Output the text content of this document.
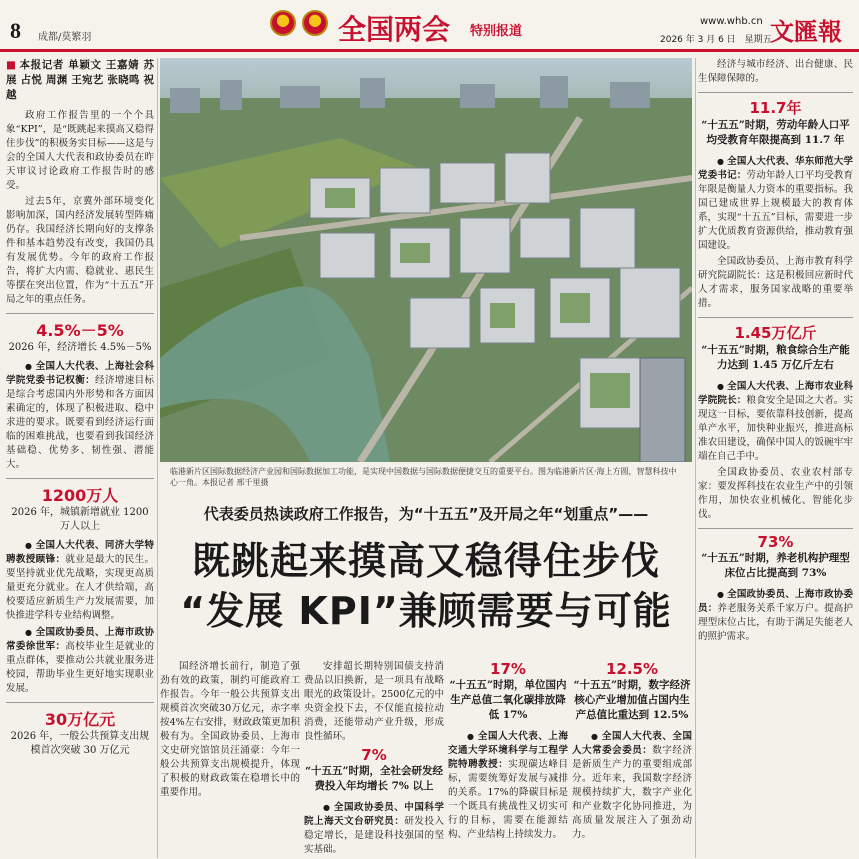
8 成都/莫繁羽	全国两会 特别报道
www.whb.cn
2026 年 3 月 6 日　星期五
文匯報
■ 本报记者 单颖文 王嘉婧 苏展 占悦 周渊 王宛艺 张晓鸣 祝越

政府工作报告里的一个个具象“KPI”，是“既跳起来摸高又稳得住步伐”的积极务实目标——这是与会的全国人大代表和政协委员在昨天审议讨论政府工作报告时的感受。

过去5年，京冀外部环境变化影响加深，国内经济发展转型阵痛仍存。我国经济长期向好的支撑条件和基本趋势没有改变，我国仍具有发展优势。今年的政府工作报告，将扩大内需、稳就业、惠民生等摆在突出位置，作为“十五五”开局之年的重点任务。

4.5%－5%
2026 年，经济增长 4.5%－5%

● 全国人大代表、上海社会科学院党委书记权衡：经济增速目标是综合考虑国内外形势和各方面因素确定的，体现了积极进取、稳中求进的要求。既要看到经济运行面临的困难挑战，也要看到我国经济基础稳、优势多、韧性强、潜能大。

1200万人
2026 年，城镇新增就业 1200 万人以上

● 全国人大代表、同济大学特聘教授顾锋：就业是最大的民生。要坚持就业优先战略，实现更高质量更充分就业。在人才供给端，高校要适应新质生产力发展需要，加快推进学科专业结构调整。

● 全国政协委员、上海市政协常委徐世军：高校毕业生是就业的重点群体，要推动公共就业服务进校园，帮助毕业生更好地实现职业发展。

30万亿元
2026 年，一般公共预算支出规模首次突破 30 万亿元
临港新片区国际数据经济产业园和国际数据加工功能，是实现中国数据与国际数据便捷交互的重要平台。图为临港新片区·海上方圆，智慧科技中心一角。本报记者 邢千里摄
代表委员热读政府工作报告，为“十五五”及开局之年“划重点”——
既跳起来摸高又稳得住步伐
“发展 KPI”兼顾需要与可能

国经济增长前行，制造了强劲有效的政策，制约可能政府工作报告。今年一般公共预算支出规模首次突破30万亿元，赤字率按4%左右安排，财政政策更加积极有为。全国政协委员、上海市文史研究馆馆员汪涌豪：今年一般公共预算支出规模提升，体现了积极的财政政策在稳增长中的重要作用。

安排超长期特别国债支持消费品以旧换新，是一项具有战略眼光的政策设计。2500亿元的中央资金投下去，不仅能直接拉动消费，还能带动产业升级，形成良性循环。

7%
“十五五”时期，全社会研发经费投入年均增长 7% 以上

● 全国政协委员、中国科学院上海天文台研究员：研发投入稳定增长，是建设科技强国的坚实基础。

17%
“十五五”时期，单位国内生产总值二氧化碳排放降低 17%

● 全国人大代表、上海交通大学环境科学与工程学院特聘教授：实现碳达峰目标，需要统筹好发展与减排的关系。17%的降碳目标是一个既具有挑战性又切实可行的目标，需要在能源结构、产业结构上持续发力。

12.5%
“十五五”时期，数字经济核心产业增加值占国内生产总值比重达到 12.5%

● 全国人大代表、全国人大常委会委员：数字经济是新质生产力的重要组成部分。近年来，我国数字经济规模持续扩大，数字产业化和产业数字化协同推进，为高质量发展注入了强劲动力。

经济与城市经济、出台健康、民生保障保障的。

11.7年
“十五五”时期，劳动年龄人口平均受教育年限提高到 11.7 年

● 全国人大代表、华东师范大学党委书记：劳动年龄人口平均受教育年限是衡量人力资本的重要指标。我国已建成世界上规模最大的教育体系，实现“十五五”目标，需要进一步扩大优质教育资源供给，推动教育强国建设。

全国政协委员、上海市教育科学研究院副院长：这是积极回应新时代人才需求，服务国家战略的重要举措。

1.45万亿斤
“十五五”时期，粮食综合生产能力达到 1.45 万亿斤左右

● 全国人大代表、上海市农业科学院院长：粮食安全是国之大者。实现这一目标，要依靠科技创新，提高单产水平，加快种业振兴，推进高标准农田建设，确保中国人的饭碗牢牢端在自己手中。

全国政协委员、农业农村部专家：要发挥科技在农业生产中的引领作用，加快农业机械化、智能化步伐。

73%
“十五五”时期，养老机构护理型床位占比提高到 73%

● 全国政协委员、上海市政协委员：养老服务关系千家万户。提高护理型床位占比，有助于满足失能老人的照护需求。
